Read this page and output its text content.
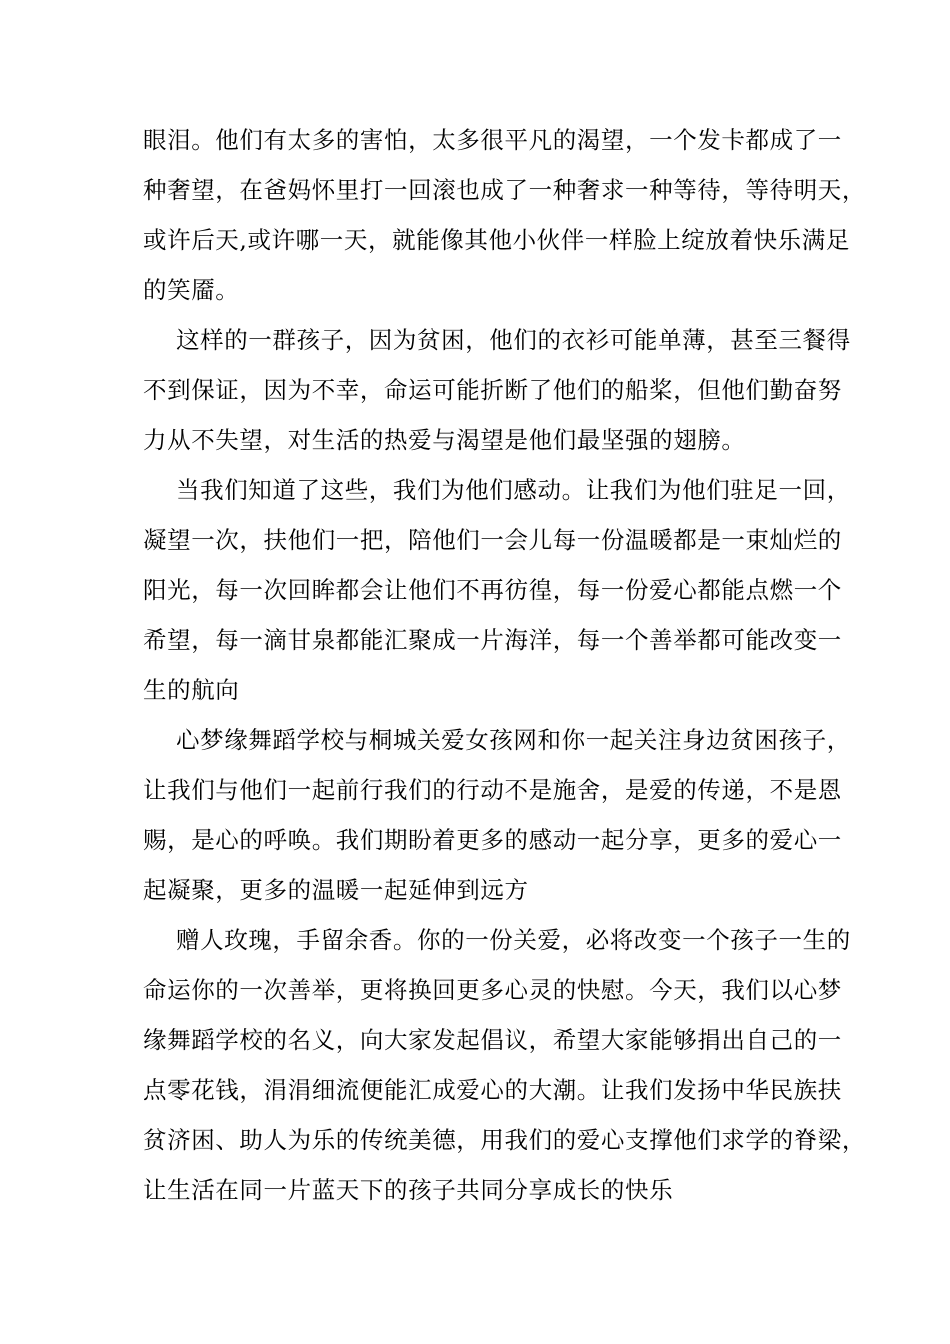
眼泪。他们有太多的害怕，太多很平凡的渴望，一个发卡都成了一
种奢望，在爸妈怀里打一回滚也成了一种奢求一种等待，等待明天，
或许后天,或许哪一天，就能像其他小伙伴一样脸上绽放着快乐满足
的笑靥。
这样的一群孩子，因为贫困，他们的衣衫可能单薄，甚至三餐得
不到保证，因为不幸，命运可能折断了他们的船桨，但他们勤奋努
力从不失望，对生活的热爱与渴望是他们最坚强的翅膀。
当我们知道了这些，我们为他们感动。让我们为他们驻足一回，
凝望一次，扶他们一把，陪他们一会儿每一份温暖都是一束灿烂的
阳光，每一次回眸都会让他们不再彷徨，每一份爱心都能点燃一个
希望，每一滴甘泉都能汇聚成一片海洋，每一个善举都可能改变一
生的航向
心梦缘舞蹈学校与桐城关爱女孩网和你一起关注身边贫困孩子，
让我们与他们一起前行我们的行动不是施舍，是爱的传递，不是恩
赐，是心的呼唤。我们期盼着更多的感动一起分享，更多的爱心一
起凝聚，更多的温暖一起延伸到远方
赠人玫瑰，手留余香。你的一份关爱，必将改变一个孩子一生的
命运你的一次善举，更将换回更多心灵的快慰。今天，我们以心梦
缘舞蹈学校的名义，向大家发起倡议，希望大家能够捐出自己的一
点零花钱，涓涓细流便能汇成爱心的大潮。让我们发扬中华民族扶
贫济困、助人为乐的传统美德，用我们的爱心支撑他们求学的脊梁，
让生活在同一片蓝天下的孩子共同分享成长的快乐
